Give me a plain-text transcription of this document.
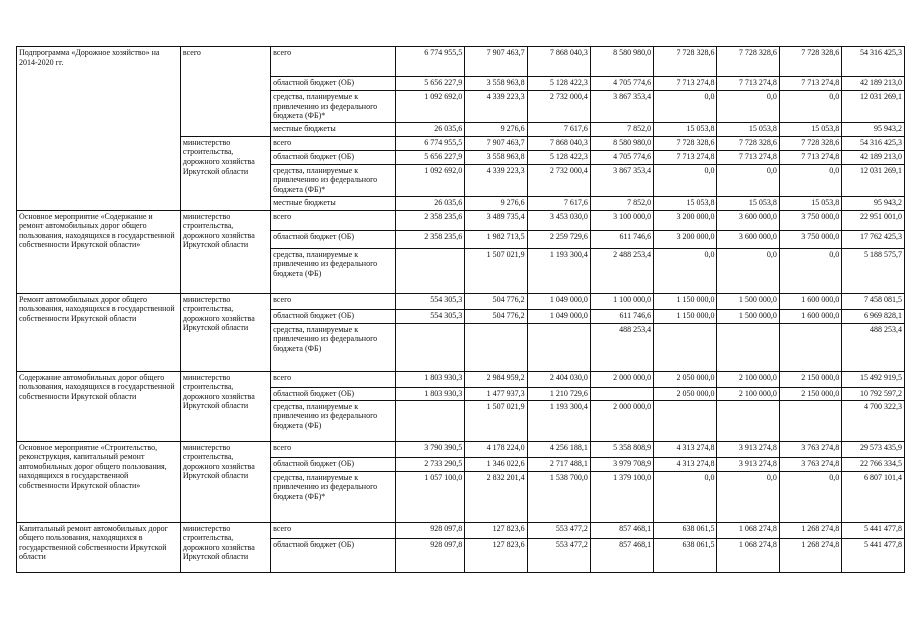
Подпрограмма «Дорожное хозяйство» на 2014-2020 гг.	всего	всего	6 774 955,5	7 907 463,7	7 868 040,3	8 580 980,0	7 728 328,6	7 728 328,6	7 728 328,6	54 316 425,3
		областной бюджет (ОБ)	5 656 227,9	3 558 963,8	5 128 422,3	4 705 774,6	7 713 274,8	7 713 274,8	7 713 274,8	42 189 213,0
		средства, планируемые к привлечению из федерального бюджета (ФБ)*	1 092 692,0	4 339 223,3	2 732 000,4	3 867 353,4	0,0	0,0	0,0	12 031 269,1
		местные бюджеты	26 035,6	9 276,6	7 617,6	7 852,0	15 053,8	15 053,8	15 053,8	95 943,2
	министерство строительства, дорожного хозяйства Иркутской области	всего	6 774 955,5	7 907 463,7	7 868 040,3	8 580 980,0	7 728 328,6	7 728 328,6	7 728 328,6	54 316 425,3
		областной бюджет (ОБ)	5 656 227,9	3 558 963,8	5 128 422,3	4 705 774,6	7 713 274,8	7 713 274,8	7 713 274,8	42 189 213,0
		средства, планируемые к привлечению из федерального бюджета (ФБ)*	1 092 692,0	4 339 223,3	2 732 000,4	3 867 353,4	0,0	0,0	0,0	12 031 269,1
		местные бюджеты	26 035,6	9 276,6	7 617,6	7 852,0	15 053,8	15 053,8	15 053,8	95 943,2
Основное мероприятие «Содержание и ремонт автомобильных дорог общего пользования, находящихся в государственной собственности Иркутской области»	министерство строительства, дорожного хозяйства Иркутской области	всего	2 358 235,6	3 489 735,4	3 453 030,0	3 100 000,0	3 200 000,0	3 600 000,0	3 750 000,0	22 951 001,0
		областной бюджет (ОБ)	2 358 235,6	1 982 713,5	2 259 729,6	611 746,6	3 200 000,0	3 600 000,0	3 750 000,0	17 762 425,3
		средства, планируемые к привлечению из федерального бюджета (ФБ)		1 507 021,9	1 193 300,4	2 488 253,4	0,0	0,0	0,0	5 188 575,7
Ремонт автомобильных дорог общего пользования, находящихся в государственной собственности Иркутской области	министерство строительства, дорожного хозяйства Иркутской области	всего	554 305,3	504 776,2	1 049 000,0	1 100 000,0	1 150 000,0	1 500 000,0	1 600 000,0	7 458 081,5
		областной бюджет (ОБ)	554 305,3	504 776,2	1 049 000,0	611 746,6	1 150 000,0	1 500 000,0	1 600 000,0	6 969 828,1
		средства, планируемые к привлечению из федерального бюджета (ФБ)				488 253,4				488 253,4
Содержание автомобильных дорог общего пользования, находящихся в государственной собственности Иркутской области	министерство строительства, дорожного хозяйства Иркутской области	всего	1 803 930,3	2 984 959,2	2 404 030,0	2 000 000,0	2 050 000,0	2 100 000,0	2 150 000,0	15 492 919,5
		областной бюджет (ОБ)	1 803 930,3	1 477 937,3	1 210 729,6		2 050 000,0	2 100 000,0	2 150 000,0	10 792 597,2
		средства, планируемые к привлечению из федерального бюджета (ФБ)		1 507 021,9	1 193 300,4	2 000 000,0				4 700 322,3
Основное мероприятие «Строительство, реконструкция, капитальный ремонт автомобильных дорог общего пользования, находящихся в государственной собственности Иркутской области»	министерство строительства, дорожного хозяйства Иркутской области	всего	3 790 390,5	4 178 224,0	4 256 188,1	5 358 808,9	4 313 274,8	3 913 274,8	3 763 274,8	29 573 435,9
		областной бюджет (ОБ)	2 733 290,5	1 346 022,6	2 717 488,1	3 979 708,9	4 313 274,8	3 913 274,8	3 763 274,8	22 766 334,5
		средства, планируемые к привлечению из федерального бюджета (ФБ)*	1 057 100,0	2 832 201,4	1 538 700,0	1 379 100,0	0,0	0,0	0,0	6 807 101,4
Капитальный ремонт автомобильных дорог общего пользования, находящихся в государственной собственности Иркутской области	министерство строительства, дорожного хозяйства Иркутской области	всего	928 097,8	127 823,6	553 477,2	857 468,1	638 061,5	1 068 274,8	1 268 274,8	5 441 477,8
		областной бюджет (ОБ)	928 097,8	127 823,6	553 477,2	857 468,1	638 061,5	1 068 274,8	1 268 274,8	5 441 477,8
